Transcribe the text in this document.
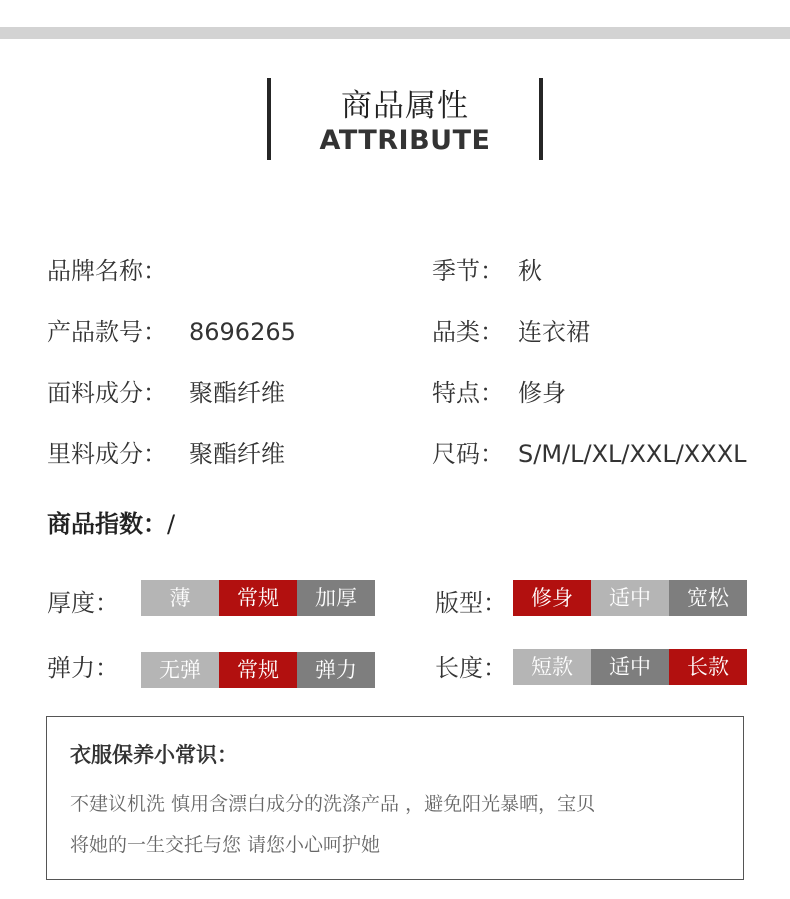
商品属性
ATTRIBUTE
品牌名称：	季节： 秋
产品款号： 8696265	品类： 连衣裙
面料成分： 聚酯纤维	特点： 修身
里料成分： 聚酯纤维	尺码： S/M/L/XL/XXL/XXXL
商品指数：/
厚度：	薄	常规	加厚	版型：	修身	适中	宽松
弹力：	无弹	常规	弹力	长度：	短款	适中	长款
衣服保养小常识：
不建议机洗 慎用含漂白成分的洗涤产品 ，避免阳光暴晒，宝贝
将她的一生交托与您 请您小心呵护她
